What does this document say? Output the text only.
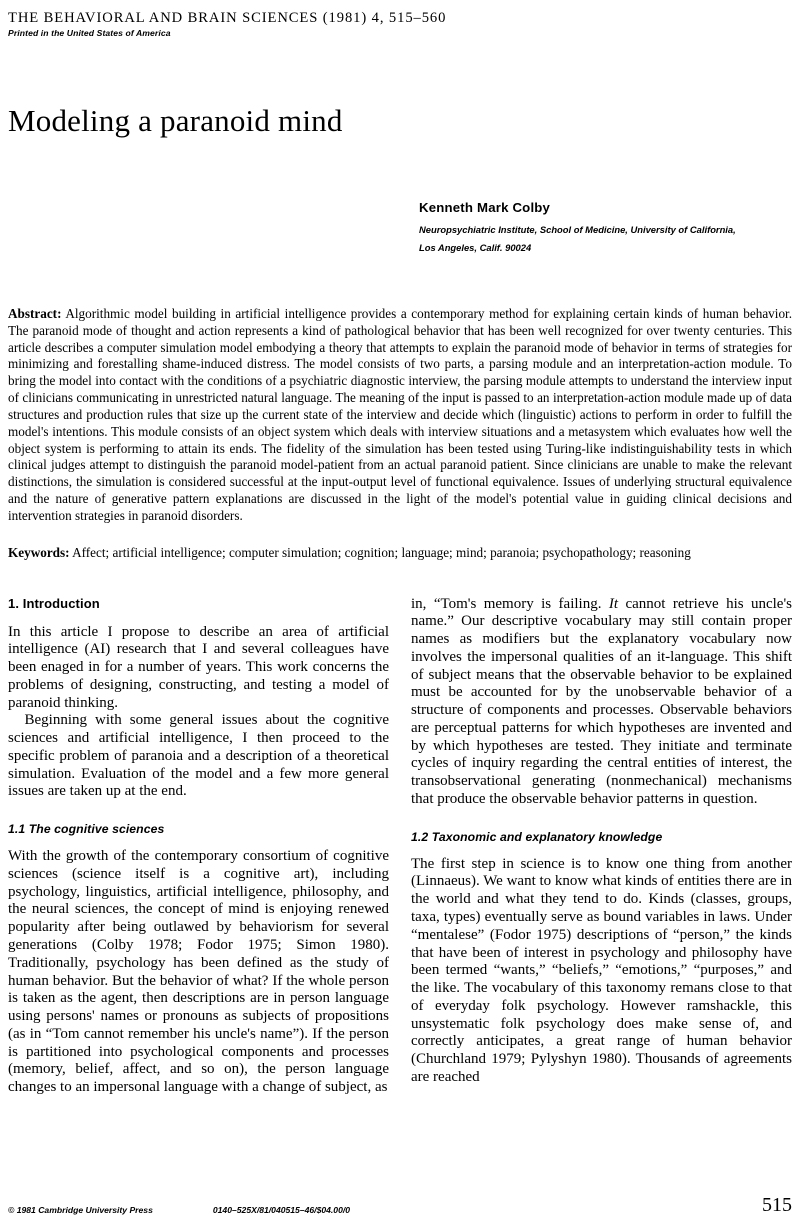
THE BEHAVIORAL AND BRAIN SCIENCES (1981) 4, 515–560
Printed in the United States of America
Modeling a paranoid mind
Kenneth Mark Colby
Neuropsychiatric Institute, School of Medicine, University of California,
Los Angeles, Calif. 90024

Abstract: Algorithmic model building in artificial intelligence provides a contemporary method for explaining certain kinds of human behavior. The paranoid mode of thought and action represents a kind of pathological behavior that has been well recognized for over twenty centuries. This article describes a computer simulation model embodying a theory that attempts to explain the paranoid mode of behavior in terms of strategies for minimizing and forestalling shame-induced distress. The model consists of two parts, a parsing module and an interpretation-action module. To bring the model into contact with the conditions of a psychiatric diagnostic interview, the parsing module attempts to understand the interview input of clinicians communicating in unrestricted natural language. The meaning of the input is passed to an interpretation-action module made up of data structures and production rules that size up the current state of the interview and decide which (linguistic) actions to perform in order to fulfill the model's intentions. This module consists of an object system which deals with interview situations and a metasystem which evaluates how well the object system is performing to attain its ends. The fidelity of the simulation has been tested using Turing-like indistinguishability tests in which clinical judges attempt to distinguish the paranoid model-patient from an actual paranoid patient. Since clinicians are unable to make the relevant distinctions, the simulation is considered successful at the input-output level of functional equivalence. Issues of underlying structural equivalence and the nature of generative pattern explanations are discussed in the light of the model's potential value in guiding clinical decisions and intervention strategies in paranoid disorders.

Keywords: Affect; artificial intelligence; computer simulation; cognition; language; mind; paranoia; psychopathology; reasoning

1. Introduction

In this article I propose to describe an area of artificial intelligence (AI) research that I and several colleagues have been enaged in for a number of years. This work concerns the problems of designing, constructing, and testing a model of paranoid thinking.

Beginning with some general issues about the cognitive sciences and artificial intelligence, I then proceed to the specific problem of paranoia and a description of a theoretical simulation. Evaluation of the model and a few more general issues are taken up at the end.

1.1 The cognitive sciences

With the growth of the contemporary consortium of cognitive sciences (science itself is a cognitive art), including psychology, linguistics, artificial intelligence, philosophy, and the neural sciences, the concept of mind is enjoying renewed popularity after being outlawed by behaviorism for several generations (Colby 1978; Fodor 1975; Simon 1980). Traditionally, psychology has been defined as the study of human behavior. But the behavior of what? If the whole person is taken as the agent, then descriptions are in person language using persons' names or pronouns as subjects of propositions (as in “Tom cannot remember his uncle's name”). If the person is partitioned into psychological components and processes (memory, belief, affect, and so on), the person language changes to an impersonal language with a change of subject, as

in, “Tom's memory is failing. It cannot retrieve his uncle's name.” Our descriptive vocabulary may still contain proper names as modifiers but the explanatory vocabulary now involves the impersonal qualities of an it-language. This shift of subject means that the observable behavior to be explained must be accounted for by the unobservable behavior of a structure of components and processes. Observable behaviors are perceptual patterns for which hypotheses are invented and by which hypotheses are tested. They initiate and terminate cycles of inquiry regarding the central entities of interest, the transobservational generating (nonmechanical) mechanisms that produce the observable behavior patterns in question.

1.2 Taxonomic and explanatory knowledge

The first step in science is to know one thing from another (Linnaeus). We want to know what kinds of entities there are in the world and what they tend to do. Kinds (classes, groups, taxa, types) eventually serve as bound variables in laws. Under “mentalese” (Fodor 1975) descriptions of “person,” the kinds that have been of interest in psychology and philosophy have been termed “wants,” “beliefs,” “emotions,” “purposes,” and the like. The vocabulary of this taxonomy remans close to that of everyday folk psychology. However ramshackle, this unsystematic folk psychology does make sense of, and correctly anticipates, a great range of human behavior (Churchland 1979; Pylyshyn 1980). Thousands of agreements are reached

© 1981 Cambridge University Press	0140–525X/81/040515–46/$04.00/0	515
